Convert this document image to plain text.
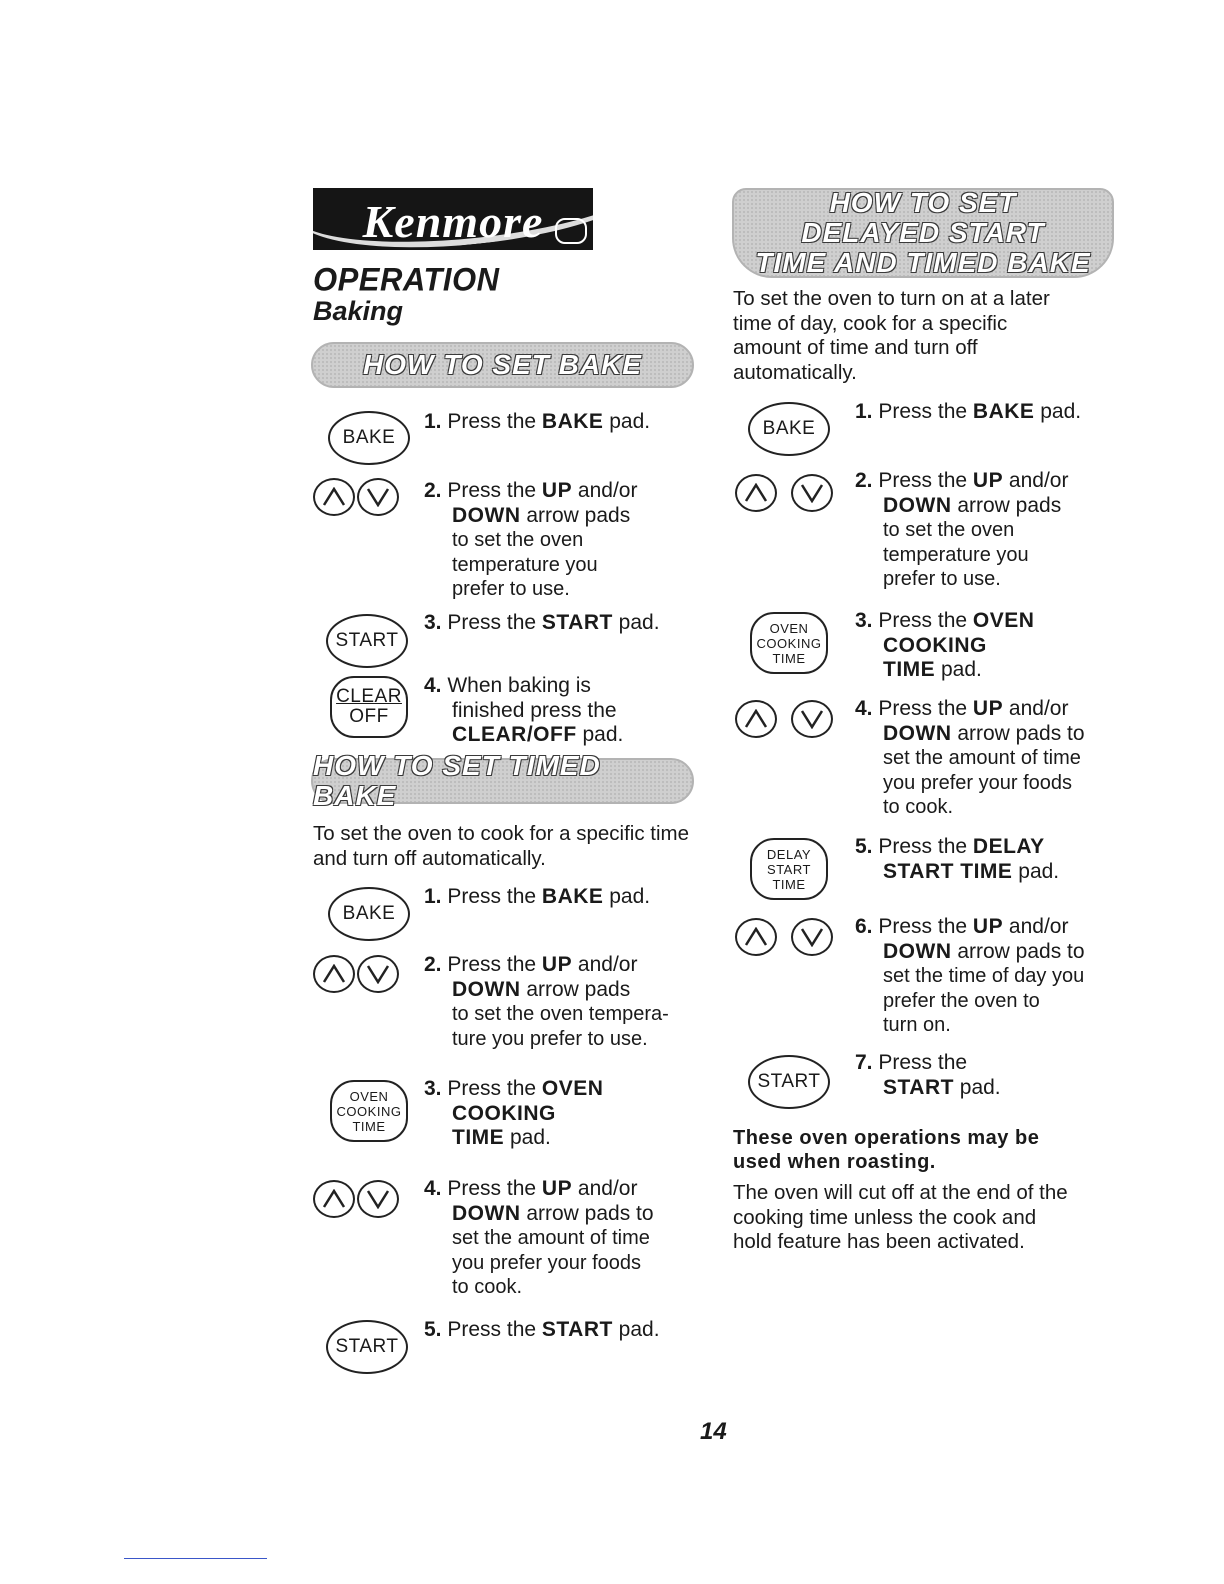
Kenmore
OPERATION
Baking
HOW TO SET BAKE
BAKE
1. Press the BAKE pad.
2. Press the UP and/or
DOWN arrow pads
to set the oven
temperature you
prefer to use.
START
3. Press the START pad.
CLEAR
OFF
4. When baking is
finished press the
CLEAR/OFF pad.
HOW TO SET TIMED BAKE
To set the oven to cook for a specific time and turn off automatically.
BAKE
1. Press the BAKE pad.
2. Press the UP and/or
DOWN arrow pads
to set the oven tempera-
ture you prefer to use.
OVEN
COOKING
TIME
3. Press the OVEN
COOKING
TIME pad.
4. Press the UP and/or
DOWN arrow pads to
set the amount of time
you prefer your foods
to cook.
START
5. Press the START pad.
HOW TO SET
DELAYED START
TIME AND TIMED BAKE
To set the oven to turn on at a later
time of day, cook for a specific
amount of time and turn off
automatically.
BAKE
1. Press the BAKE pad.
2. Press the UP and/or
DOWN arrow pads
to set the oven
temperature you
prefer to use.
OVEN
COOKING
TIME
3. Press the OVEN
COOKING
TIME pad.
4. Press the UP and/or
DOWN arrow pads to
set the amount of time
you prefer your foods
to cook.
DELAY
START
TIME
5. Press the DELAY
START TIME pad.
6. Press the UP and/or
DOWN arrow pads to
set the time of day you
prefer the oven to
turn on.
START
7. Press the
START pad.
These oven operations may be
used when roasting.
The oven will cut off at the end of the
cooking time unless the cook and
hold feature has been activated.
14
